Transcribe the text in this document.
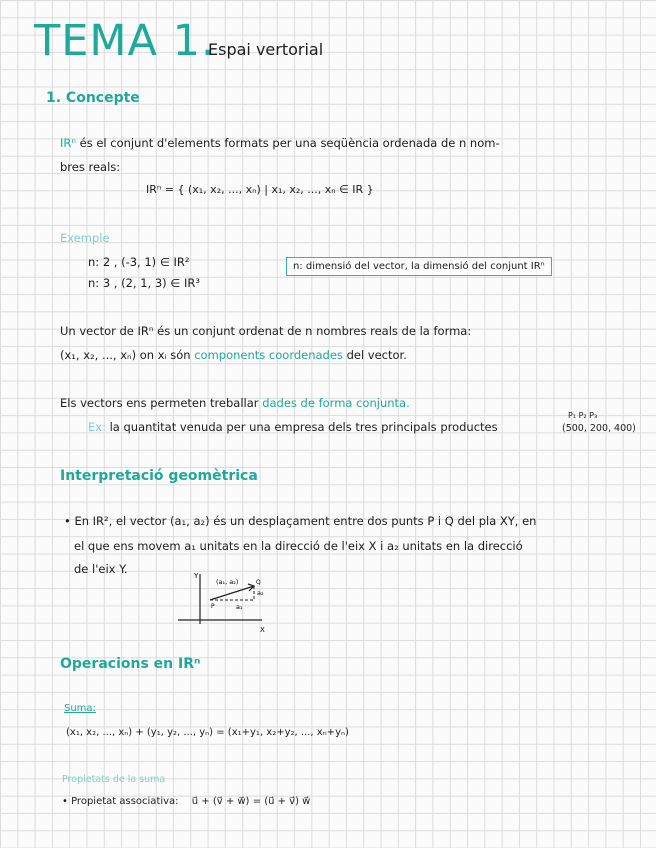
TEMA 1.
Espai vertorial
1. Concepte
IRⁿ és el conjunt d'elements formats per una seqüència ordenada de n nom-
bres reals:
IRⁿ = { (x₁, x₂, ..., xₙ) | x₁, x₂, ..., xₙ ∈ IR }
Exemple
n: 2 , (-3, 1) ∈ IR²
n: 3 , (2, 1, 3) ∈ IR³
n: dimensió del vector, la dimensió del conjunt IRⁿ
Un vector de IRⁿ és un conjunt ordenat de n nombres reals de la forma:
(x₁, x₂, ..., xₙ) on xᵢ són components coordenades del vector.
Els vectors ens permeten treballar dades de forma conjunta.
Ex: la quantitat venuda per una empresa dels tres principals productes
P₁ P₂ P₃
(500, 200, 400)
Interpretació geomètrica
• En IR², el vector (a₁, a₂) és un desplaçament entre dos punts P i Q del pla XY, en
el que ens movem a₁ unitats en la direcció de l'eix X i a₂ unitats en la direcció
de l'eix Y.	Y
X
(a₁, a₂)
a₁
a₂
P
Q
Operacions en IRⁿ
Suma:
(x₁, x₂, ..., xₙ) + (y₁, y₂, ..., yₙ) = (x₁+y₁, x₂+y₂, ..., xₙ+yₙ)
Propietats de la suma
• Propietat associativa: u⃗ + (v⃗ + w⃗) = (u⃗ + v⃗) w⃗
